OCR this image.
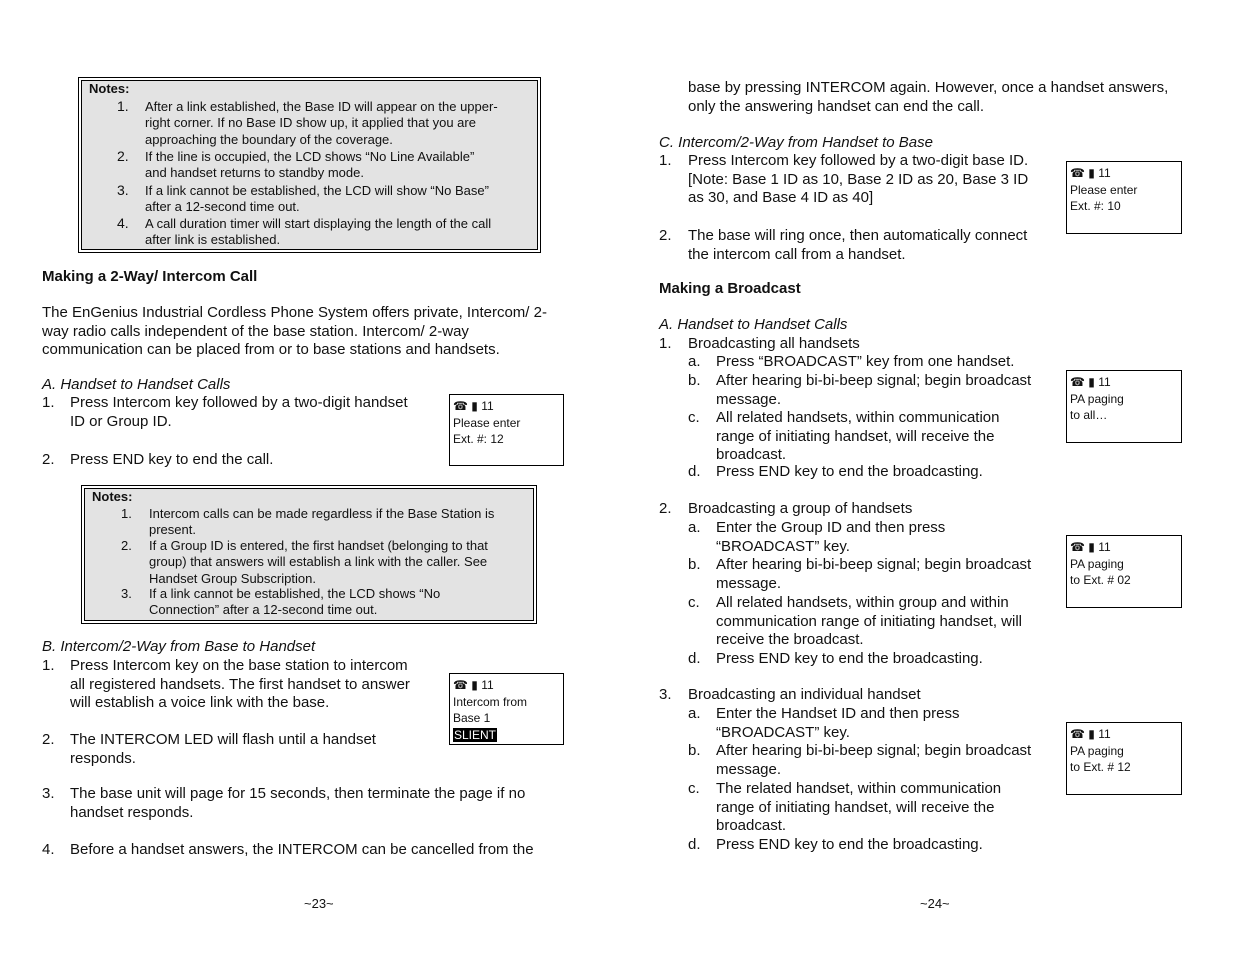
Notes:
1. After a link established, the Base ID will appear on the upper-
right corner. If no Base ID show up, it applied that you are
approaching the boundary of the coverage.
2. If the line is occupied, the LCD shows “No Line Available”
and handset returns to standby mode.
3. If a link cannot be established, the LCD will show “No Base”
after a 12-second time out.
4. A call duration timer will start displaying the length of the call
after link is established.
Making a 2-Way/ Intercom Call
The EnGenius Industrial Cordless Phone System offers private, Intercom/ 2-
way radio calls independent of the base station. Intercom/ 2-way
communication can be placed from or to base stations and handsets.
A. Handset to Handset Calls
1. Press Intercom key followed by a two-digit handset
ID or Group ID.
2. Press END key to end the call.
☎ ▮ 11
Please enter
Ext. #: 12
Notes:
1. Intercom calls can be made regardless if the Base Station is
present.
2. If a Group ID is entered, the first handset (belonging to that
group) that answers will establish a link with the caller. See
Handset Group Subscription.
3. If a link cannot be established, the LCD shows “No
Connection” after a 12-second time out.
B. Intercom/2-Way from Base to Handset
1. Press Intercom key on the base station to intercom
all registered handsets. The first handset to answer
will establish a voice link with the base.
2. The INTERCOM LED will flash until a handset
responds.
3. The base unit will page for 15 seconds, then terminate the page if no
handset responds.
4. Before a handset answers, the INTERCOM can be cancelled from the
☎ ▮ 11
Intercom from
Base 1
SLIENT
~23~
base by pressing INTERCOM again. However, once a handset answers,
only the answering handset can end the call.
C. Intercom/2-Way from Handset to Base
1. Press Intercom key followed by a two-digit base ID.
[Note: Base 1 ID as 10, Base 2 ID as 20, Base 3 ID
as 30, and Base 4 ID as 40]
2. The base will ring once, then automatically connect
the intercom call from a handset.
☎ ▮ 11
Please enter
Ext. #: 10
Making a Broadcast
A. Handset to Handset Calls
1. Broadcasting all handsets
a. Press “BROADCAST” key from one handset.
b. After hearing bi-bi-beep signal; begin broadcast
message.
c. All related handsets, within communication
range of initiating handset, will receive the
broadcast.
d. Press END key to end the broadcasting.
☎ ▮ 11
PA paging
to all…
2. Broadcasting a group of handsets
a. Enter the Group ID and then press
“BROADCAST” key.
b. After hearing bi-bi-beep signal; begin broadcast
message.
c. All related handsets, within group and within
communication range of initiating handset, will
receive the broadcast.
d. Press END key to end the broadcasting.
☎ ▮ 11
PA paging
to Ext. # 02
3. Broadcasting an individual handset
a. Enter the Handset ID and then press
“BROADCAST” key.
b. After hearing bi-bi-beep signal; begin broadcast
message.
c. The related handset, within communication
range of initiating handset, will receive the
broadcast.
d. Press END key to end the broadcasting.
☎ ▮ 11
PA paging
to Ext. # 12
~24~
